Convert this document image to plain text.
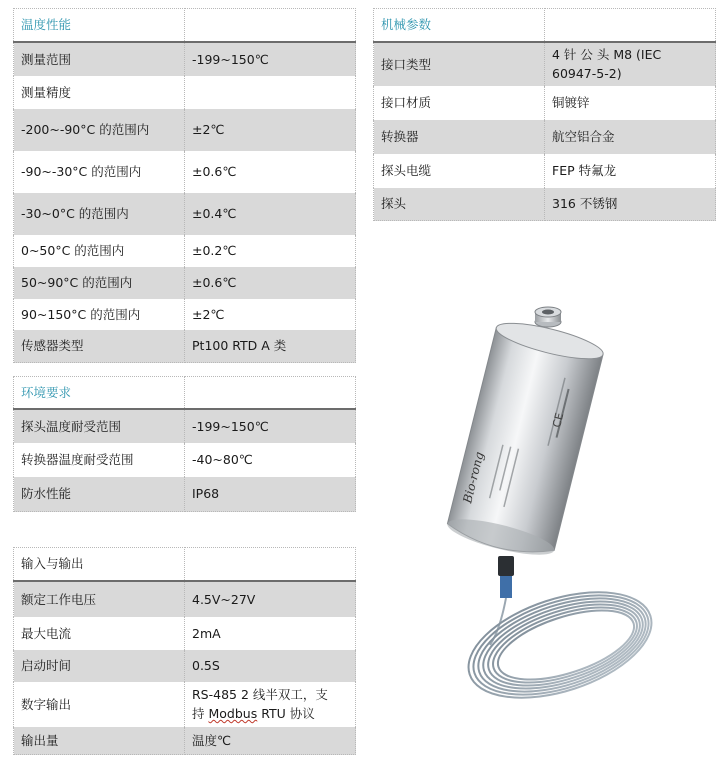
温度性能	
测量范围	-199~150℃
测量精度	
-200~-90°C 的范围内	±2℃
-90~-30°C 的范围内	±0.6℃
-30~0°C 的范围内	±0.4℃
0~50°C 的范围内	±0.2℃
50~90°C 的范围内	±0.6℃
90~150°C 的范围内	±2℃
传感器类型	Pt100 RTD A 类
环境要求	
探头温度耐受范围	-199~150℃
转换器温度耐受范围	-40~80℃
防水性能	IP68
输入与输出	
额定工作电压	4.5V~27V
最大电流	2mA
启动时间	0.5S
数字输出	RS-485 2 线半双工，支
持 Modbus RTU 协议

输出量	温度℃
机械参数	
接口类型	4 针 公 头 M8 (IEC
60947-5-2)

接口材质	铜镀锌
转换器	航空铝合金
探头电缆	FEP 特氟龙
探头	316 不锈钢
CE
Bio-rong
